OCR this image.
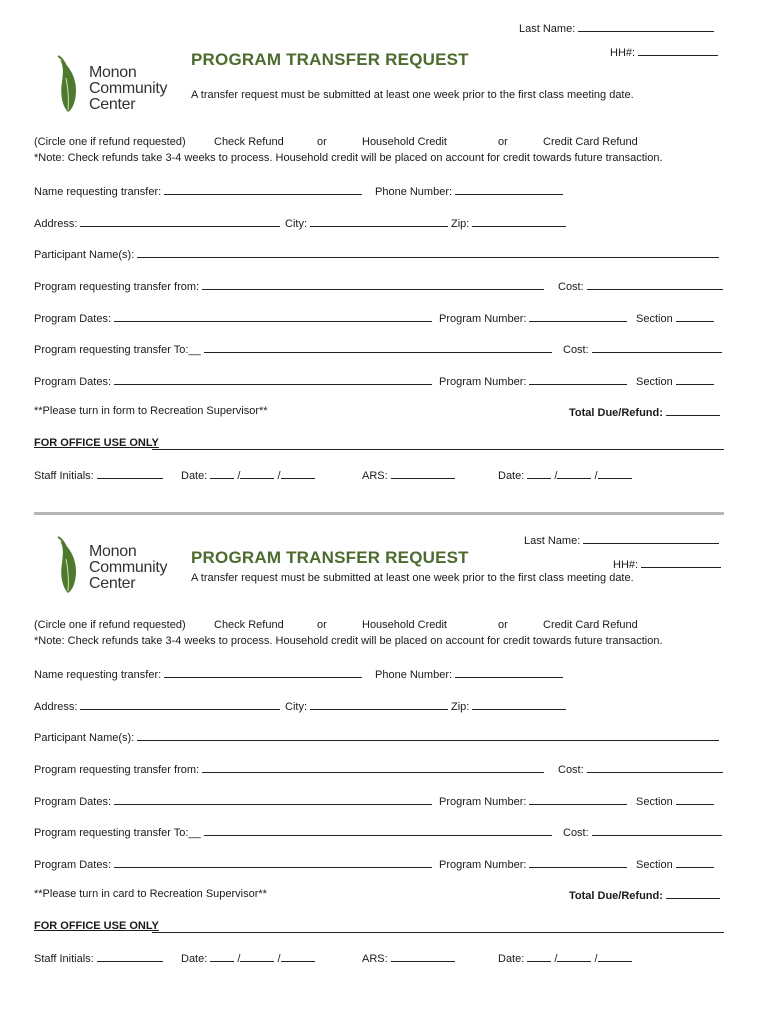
Last Name:
HH#:
Monon
Community
Center
PROGRAM TRANSFER REQUEST
A transfer request must be submitted at least one week prior to the first class meeting date.
(Circle one if refund requested)	Check Refund	or	Household Credit	or	Credit Card Refund
*Note: Check refunds take 3-4 weeks to process. Household credit will be placed on account for credit towards future transaction.
Name requesting transfer:	Phone Number:
Address:	City:	Zip:
Participant Name(s):
Program requesting transfer from:	Cost:
Program Dates:	Program Number:	Section
Program requesting transfer To:__	Cost:
Program Dates:	Program Number:	Section
**Please turn in form to Recreation Supervisor**	Total Due/Refund:
FOR OFFICE USE ONLY
Staff Initials:	Date:	/	/	ARS:	Date:	/	/
Last Name:
HH#:
Monon
Community
Center
PROGRAM TRANSFER REQUEST
A transfer request must be submitted at least one week prior to the first class meeting date.
(Circle one if refund requested)	Check Refund	or	Household Credit	or	Credit Card Refund
*Note: Check refunds take 3-4 weeks to process. Household credit will be placed on account for credit towards future transaction.
Name requesting transfer:	Phone Number:
Address:	City:	Zip:
Participant Name(s):
Program requesting transfer from:	Cost:
Program Dates:	Program Number:	Section
Program requesting transfer To:__	Cost:
Program Dates:	Program Number:	Section
**Please turn in card to Recreation Supervisor**	Total Due/Refund:
FOR OFFICE USE ONLY
Staff Initials:	Date:	/	/	ARS:	Date:	/	/
